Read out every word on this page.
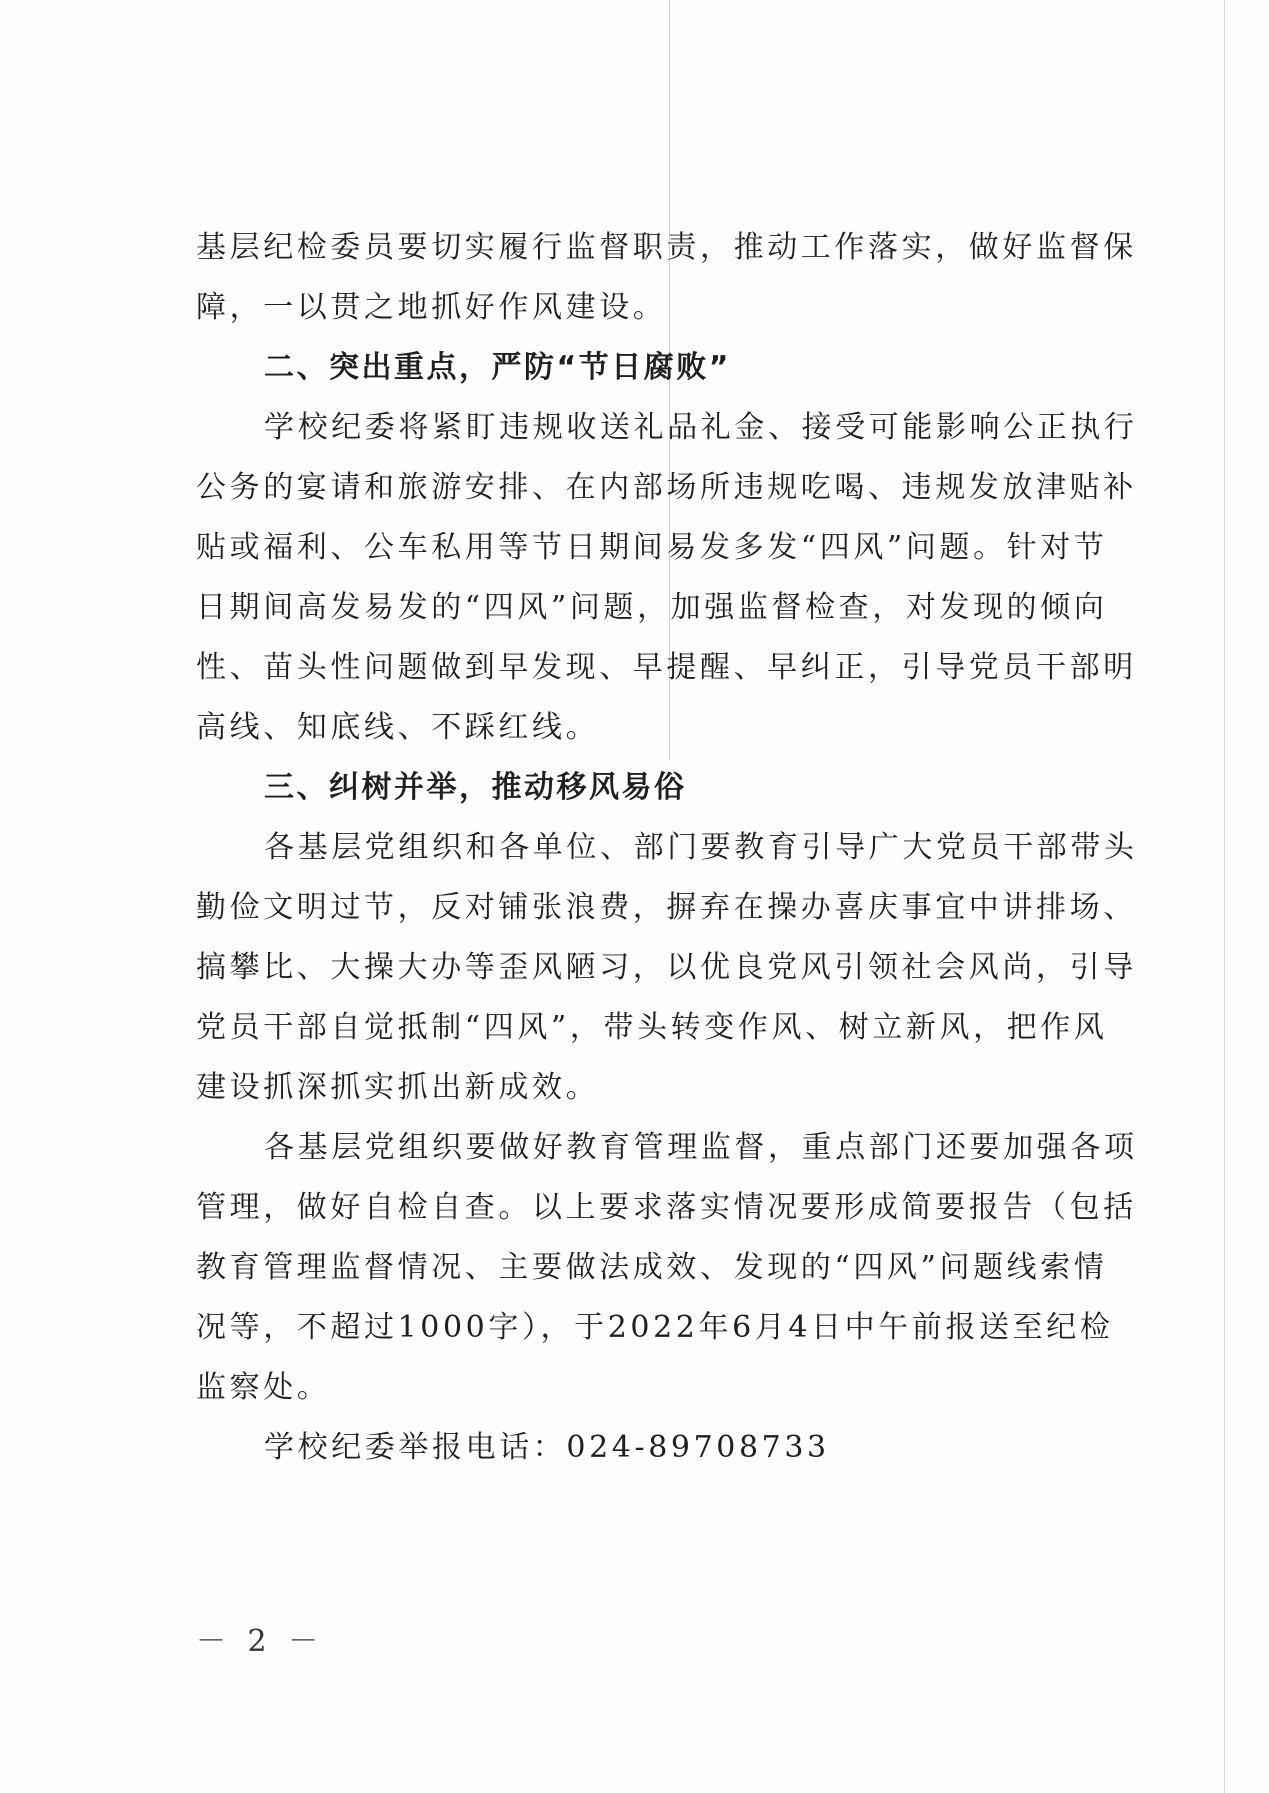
基层纪检委员要切实履行监督职责，推动工作落实，做好监督保
障，一以贯之地抓好作风建设。
二、突出重点，严防“节日腐败”
学校纪委将紧盯违规收送礼品礼金、接受可能影响公正执行
公务的宴请和旅游安排、在内部场所违规吃喝、违规发放津贴补
贴或福利、公车私用等节日期间易发多发“四风”问题。针对节
日期间高发易发的“四风”问题，加强监督检查，对发现的倾向
性、苗头性问题做到早发现、早提醒、早纠正，引导党员干部明
高线、知底线、不踩红线。
三、纠树并举，推动移风易俗
各基层党组织和各单位、部门要教育引导广大党员干部带头
勤俭文明过节，反对铺张浪费，摒弃在操办喜庆事宜中讲排场、
搞攀比、大操大办等歪风陋习，以优良党风引领社会风尚，引导
党员干部自觉抵制“四风”，带头转变作风、树立新风，把作风
建设抓深抓实抓出新成效。
各基层党组织要做好教育管理监督，重点部门还要加强各项
管理，做好自检自查。以上要求落实情况要形成简要报告（包括
教育管理监督情况、主要做法成效、发现的“四风”问题线索情
况等，不超过1000字），于2022年6月4日中午前报送至纪检
监察处。
学校纪委举报电话：024-89708733
－ 2 －
